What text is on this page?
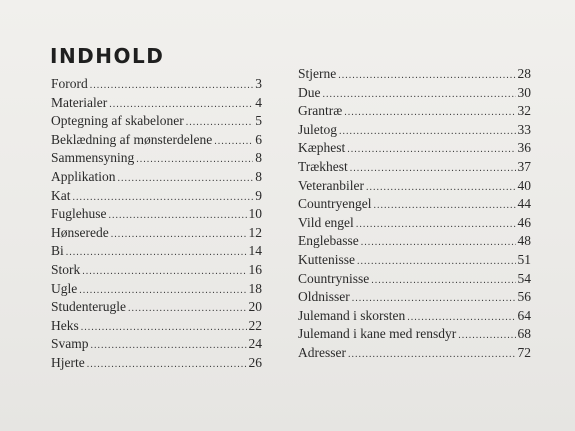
INDHOLD
Forord .....	3
Materialer .....	4
Optegning af skabeloner .....	5
Beklædning af mønsterdelene .....	6
Sammensyning .....	8
Applikation .....	8
Kat .....	9
Fuglehuse .....	10
Hønserede .....	12
Bi .....	14
Stork .....	16
Ugle .....	18
Studenterugle .....	20
Heks .....	22
Svamp .....	24
Hjerte .....	26
Stjerne .....	28
Due .....	30
Grantræ .....	32
Juletog .....	33
Kæphest .....	36
Trækhest .....	37
Veteranbiler .....	40
Countryengel .....	44
Vild engel .....	46
Englebasse .....	48
Kuttenisse .....	51
Countrynisse .....	54
Oldnisser .....	56
Julemand i skorsten .....	64
Julemand i kane med rensdyr .....	68
Adresser .....	72
